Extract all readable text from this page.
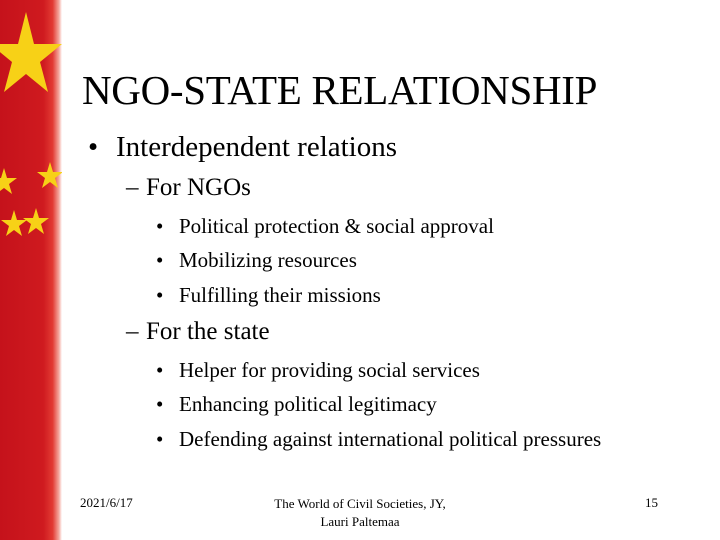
NGO-STATE RELATIONSHIP
• Interdependent relations
– For NGOs
• Political protection & social approval
• Mobilizing resources
• Fulfilling their missions
– For the state
• Helper for providing social services
• Enhancing political legitimacy
• Defending against international political pressures
2021/6/17	The World of Civil Societies, JY,
Lauri Paltemaa
15
